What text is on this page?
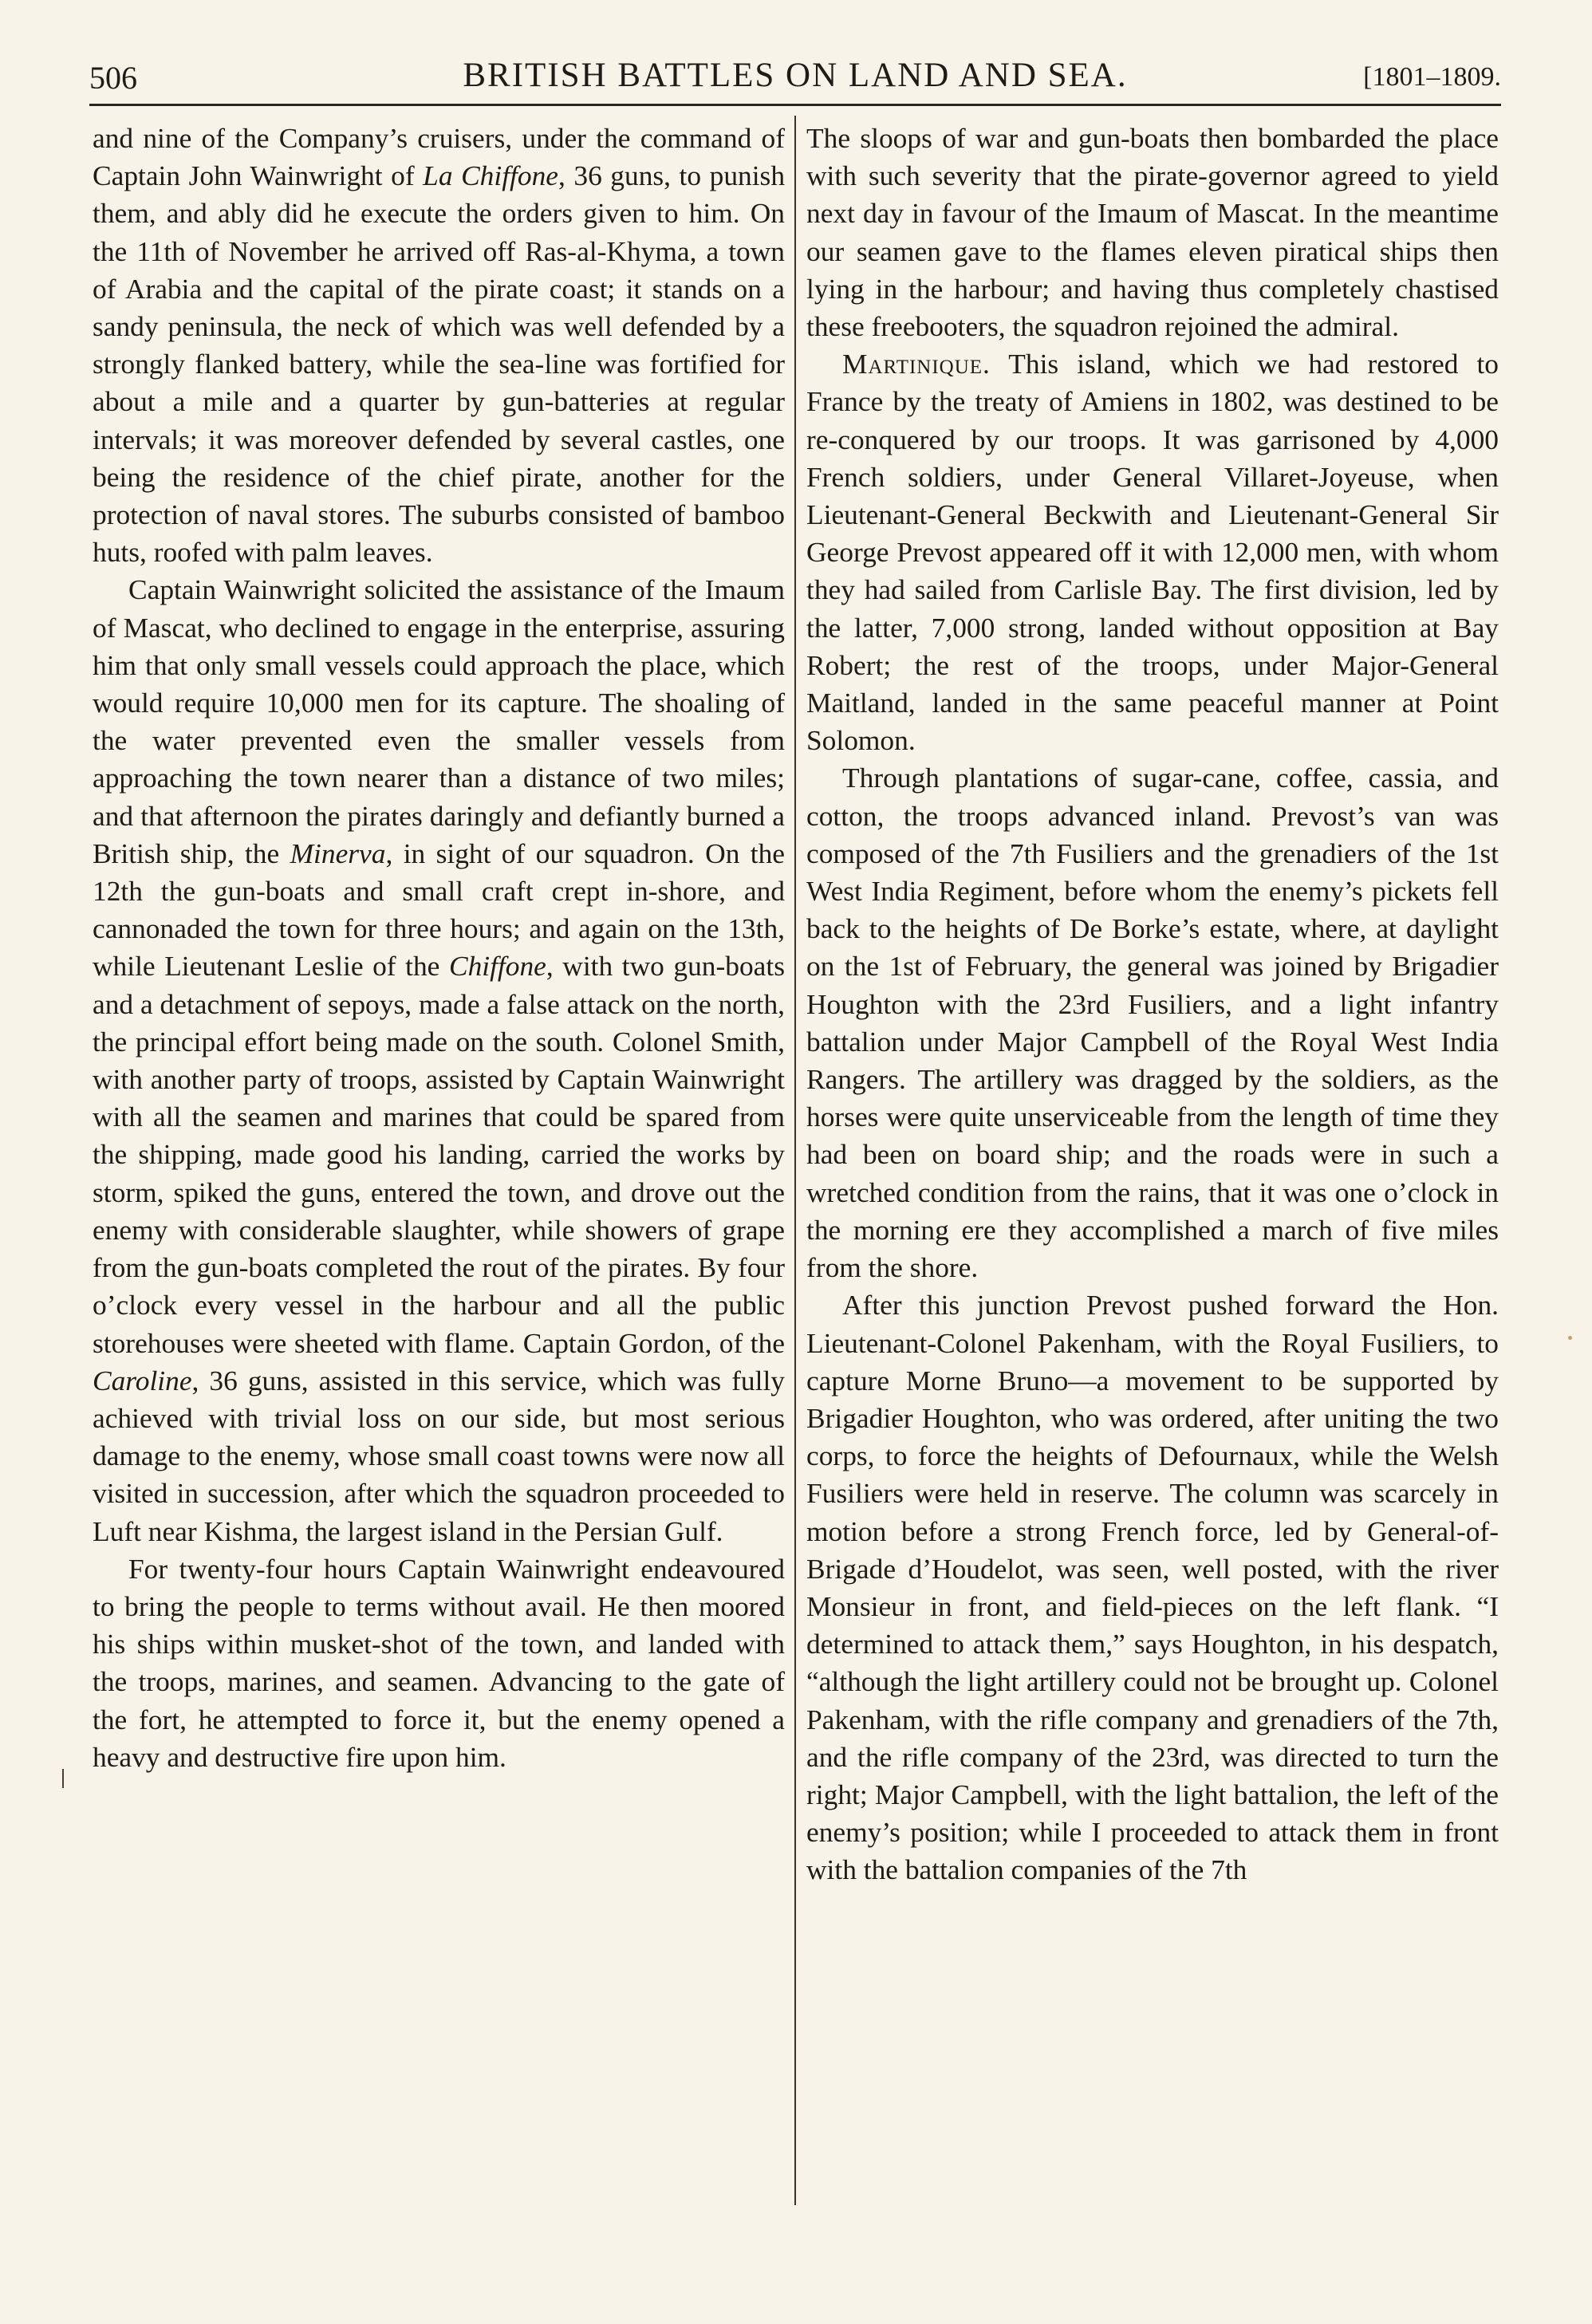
506	BRITISH BATTLES ON LAND AND SEA.	[1801–1809.

and nine of the Company’s cruisers, under the command of Captain John Wainwright of La Chiffone, 36 guns, to punish them, and ably did he execute the orders given to him. On the 11th of November he arrived off Ras-al-Khyma, a town of Arabia and the capital of the pirate coast; it stands on a sandy peninsula, the neck of which was well defended by a strongly flanked battery, while the sea-line was fortified for about a mile and a quarter by gun-batteries at regular intervals; it was moreover defended by several castles, one being the residence of the chief pirate, another for the protection of naval stores. The suburbs consisted of bamboo huts, roofed with palm leaves.

Captain Wainwright solicited the assistance of the Imaum of Mascat, who declined to engage in the enterprise, assuring him that only small vessels could approach the place, which would require 10,000 men for its capture. The shoaling of the water prevented even the smaller vessels from approaching the town nearer than a distance of two miles; and that afternoon the pirates daringly and defiantly burned a British ship, the Minerva, in sight of our squadron. On the 12th the gun-boats and small craft crept in-shore, and cannonaded the town for three hours; and again on the 13th, while Lieutenant Leslie of the Chiffone, with two gun-boats and a detachment of sepoys, made a false attack on the north, the principal effort being made on the south. Colonel Smith, with another party of troops, assisted by Captain Wainwright with all the seamen and marines that could be spared from the shipping, made good his landing, carried the works by storm, spiked the guns, entered the town, and drove out the enemy with considerable slaughter, while showers of grape from the gun-boats completed the rout of the pirates. By four o’clock every vessel in the harbour and all the public storehouses were sheeted with flame. Captain Gordon, of the Caroline, 36 guns, assisted in this service, which was fully achieved with trivial loss on our side, but most serious damage to the enemy, whose small coast towns were now all visited in succession, after which the squadron proceeded to Luft near Kishma, the largest island in the Persian Gulf.

For twenty-four hours Captain Wainwright endeavoured to bring the people to terms without avail. He then moored his ships within musket-shot of the town, and landed with the troops, marines, and seamen. Advancing to the gate of the fort, he attempted to force it, but the enemy opened a heavy and destructive fire upon him.

The sloops of war and gun-boats then bombarded the place with such severity that the pirate-governor agreed to yield next day in favour of the Imaum of Mascat. In the meantime our seamen gave to the flames eleven piratical ships then lying in the harbour; and having thus completely chastised these freebooters, the squadron rejoined the admiral.

Martinique. This island, which we had restored to France by the treaty of Amiens in 1802, was destined to be re-conquered by our troops. It was garrisoned by 4,000 French soldiers, under General Villaret-Joyeuse, when Lieutenant-General Beckwith and Lieutenant-General Sir George Prevost appeared off it with 12,000 men, with whom they had sailed from Carlisle Bay. The first division, led by the latter, 7,000 strong, landed without opposition at Bay Robert; the rest of the troops, under Major-General Maitland, landed in the same peaceful manner at Point Solomon.

Through plantations of sugar-cane, coffee, cassia, and cotton, the troops advanced inland. Prevost’s van was composed of the 7th Fusiliers and the grenadiers of the 1st West India Regiment, before whom the enemy’s pickets fell back to the heights of De Borke’s estate, where, at daylight on the 1st of February, the general was joined by Brigadier Houghton with the 23rd Fusiliers, and a light infantry battalion under Major Campbell of the Royal West India Rangers. The artillery was dragged by the soldiers, as the horses were quite unserviceable from the length of time they had been on board ship; and the roads were in such a wretched condition from the rains, that it was one o’clock in the morning ere they accomplished a march of five miles from the shore.

After this junction Prevost pushed forward the Hon. Lieutenant-Colonel Pakenham, with the Royal Fusiliers, to capture Morne Bruno—a movement to be supported by Brigadier Houghton, who was ordered, after uniting the two corps, to force the heights of Defournaux, while the Welsh Fusiliers were held in reserve. The column was scarcely in motion before a strong French force, led by General-of-Brigade d’Houdelot, was seen, well posted, with the river Monsieur in front, and field-pieces on the left flank. “I determined to attack them,” says Houghton, in his despatch, “although the light artillery could not be brought up. Colonel Pakenham, with the rifle company and grenadiers of the 7th, and the rifle company of the 23rd, was directed to turn the right; Major Campbell, with the light battalion, the left of the enemy’s position; while I proceeded to attack them in front with the battalion companies of the 7th
